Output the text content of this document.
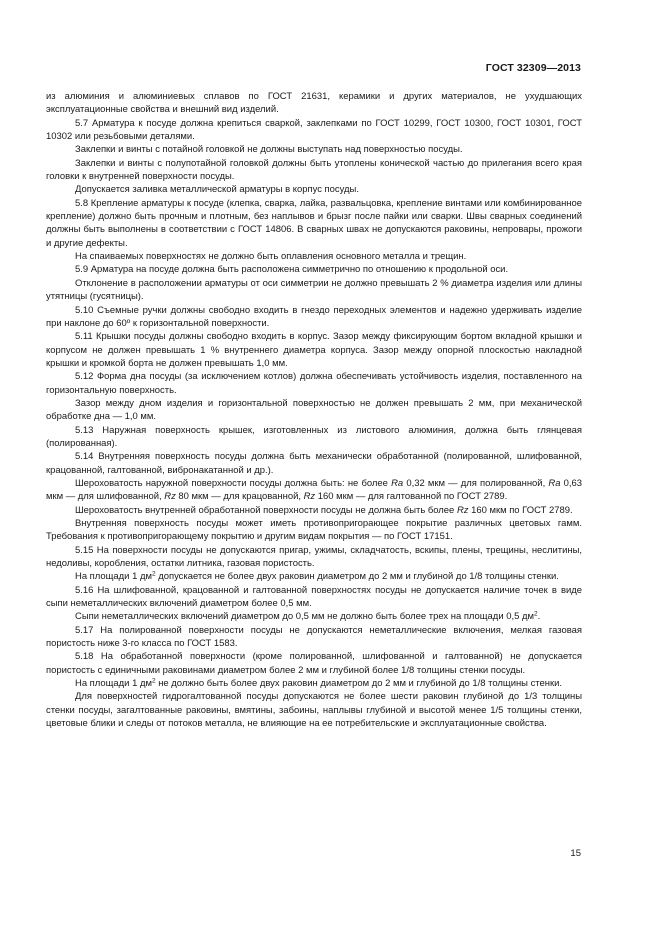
ГОСТ 32309—2013

из алюминия и алюминиевых сплавов по ГОСТ 21631, керамики и других материалов, не ухудшающих эксплуатационные свойства и внешний вид изделий.

5.7 Арматура к посуде должна крепиться сваркой, заклепками по ГОСТ 10299, ГОСТ 10300, ГОСТ 10301, ГОСТ 10302 или резьбовыми деталями.

Заклепки и винты с потайной головкой не должны выступать над поверхностью посуды.

Заклепки и винты с полупотайной головкой должны быть утоплены конической частью до прилегания всего края головки к внутренней поверхности посуды.

Допускается заливка металлической арматуры в корпус посуды.

5.8 Крепление арматуры к посуде (клепка, сварка, лайка, развальцовка, крепление винтами или комбинированное крепление) должно быть прочным и плотным, без наплывов и брызг после пайки или сварки. Швы сварных соединений должны быть выполнены в соответствии с ГОСТ 14806. В сварных швах не допускаются раковины, непровары, прожоги и другие дефекты.

На спаиваемых поверхностях не должно быть оплавления основного металла и трещин.

5.9 Арматура на посуде должна быть расположена симметрично по отношению к продольной оси.

Отклонение в расположении арматуры от оси симметрии не должно превышать 2 % диаметра изделия или длины утятницы (гусятницы).

5.10 Съемные ручки должны свободно входить в гнездо переходных элементов и надежно удерживать изделие при наклоне до 60º к горизонтальной поверхности.

5.11 Крышки посуды должны свободно входить в корпус. Зазор между фиксирующим бортом вкладной крышки и корпусом не должен превышать 1 % внутреннего диаметра корпуса. Зазор между опорной плоскостью накладной крышки и кромкой борта не должен превышать 1,0 мм.

5.12 Форма дна посуды (за исключением котлов) должна обеспечивать устойчивость изделия, поставленного на горизонтальную поверхность.

Зазор между дном изделия и горизонтальной поверхностью не должен превышать 2 мм, при механической обработке дна — 1,0 мм.

5.13 Наружная поверхность крышек, изготовленных из листового алюминия, должна быть глянцевая (полированная).

5.14 Внутренняя поверхность посуды должна быть механически обработанной (полированной, шлифованной, крацованной, галтованной, вибронакатанной и др.).

Шероховатость наружной поверхности посуды должна быть: не более Ra 0,32 мкм — для полированной, Ra 0,63 мкм — для шлифованной, Rz 80 мкм — для крацованной, Rz 160 мкм — для галтованной по ГОСТ 2789.

Шероховатость внутренней обработанной поверхности посуды не должна быть более Rz 160 мкм по ГОСТ 2789.

Внутренняя поверхность посуды может иметь противопригорающее покрытие различных цветовых гамм. Требования к противопригорающему покрытию и другим видам покрытия — по ГОСТ 17151.

5.15 На поверхности посуды не допускаются пригар, ужимы, складчатость, вскипы, плены, трещины, неслитины, недоливы, коробления, остатки литника, газовая пористость.

На площади 1 $дм^2$ допускается не более двух раковин диаметром до 2 мм и глубиной до 1/8 толщины стенки.

5.16 На шлифованной, крацованной и галтованной поверхностях посуды не допускается наличие точек в виде сыпи неметаллических включений диаметром более 0,5 мм.

Сыпи неметаллических включений диаметром до 0,5 мм не должно быть более трех на площади 0,5 $дм^2$.

5.17 На полированной поверхности посуды не допускаются неметаллические включения, мелкая газовая пористость ниже 3-го класса по ГОСТ 1583.

5.18 На обработанной поверхности (кроме полированной, шлифованной и галтованной) не допускается пористость с единичными раковинами диаметром более 2 мм и глубиной более 1/8 толщины стенки посуды.

На площади 1 $дм^2$ не должно быть более двух раковин диаметром до 2 мм и глубиной до 1/8 толщины стенки.

Для поверхностей гидрогалтованной посуды допускаются не более шести раковин глубиной до 1/3 толщины стенки посуды, загалтованные раковины, вмятины, забоины, наплывы глубиной и высотой менее 1/5 толщины стенки, цветовые блики и следы от потоков металла, не влияющие на ее потребительские и эксплуатационные свойства.

15
